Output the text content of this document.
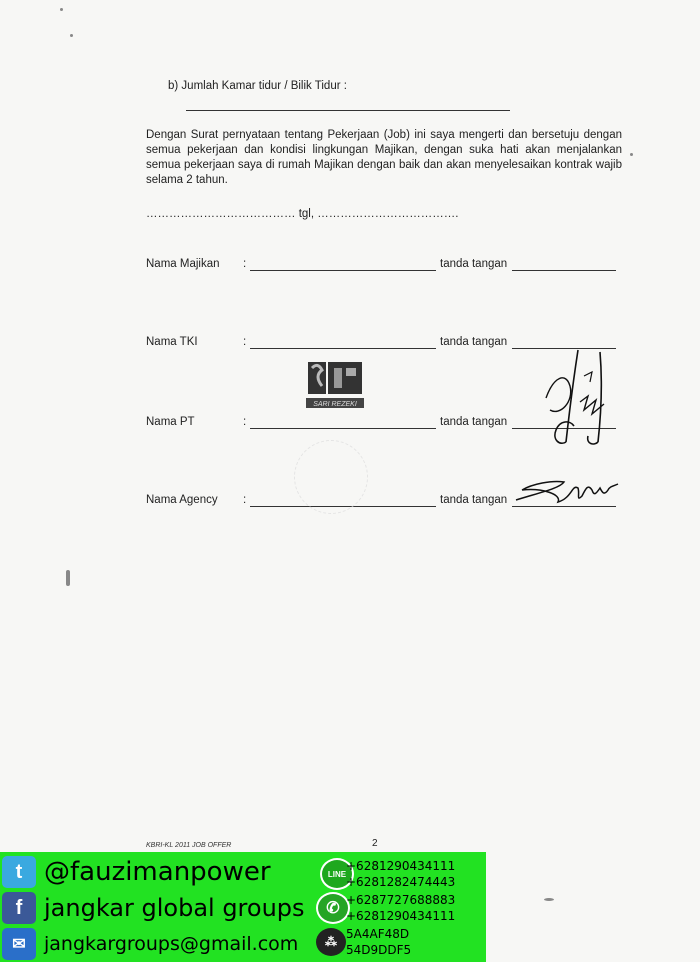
b) Jumlah Kamar tidur / Bilik Tidur :
Dengan Surat pernyataan tentang Pekerjaan (Job) ini saya mengerti dan bersetuju dengan semua pekerjaan dan kondisi lingkungan Majikan, dengan suka hati akan menjalankan semua pekerjaan saya di rumah Majikan dengan baik dan akan menyelesaikan kontrak wajib selama 2 tahun.
………………………………… tgl, ……………………………….
Nama Majikan :	tanda tangan
Nama TKI	:	tanda tangan
Nama PT	:	tanda tangan
Nama Agency :	tanda tangan
SARI REZEKI
KBRI-KL 2011 JOB OFFER	2
t @fauzimanpower
f jangkar global groups
✉ jangkargroups@gmail.com
LINE
✆
⁂
+6281290434111
+6281282474443
+6287727688883
+6281290434111
5A4AF48D
54D9DDF5
